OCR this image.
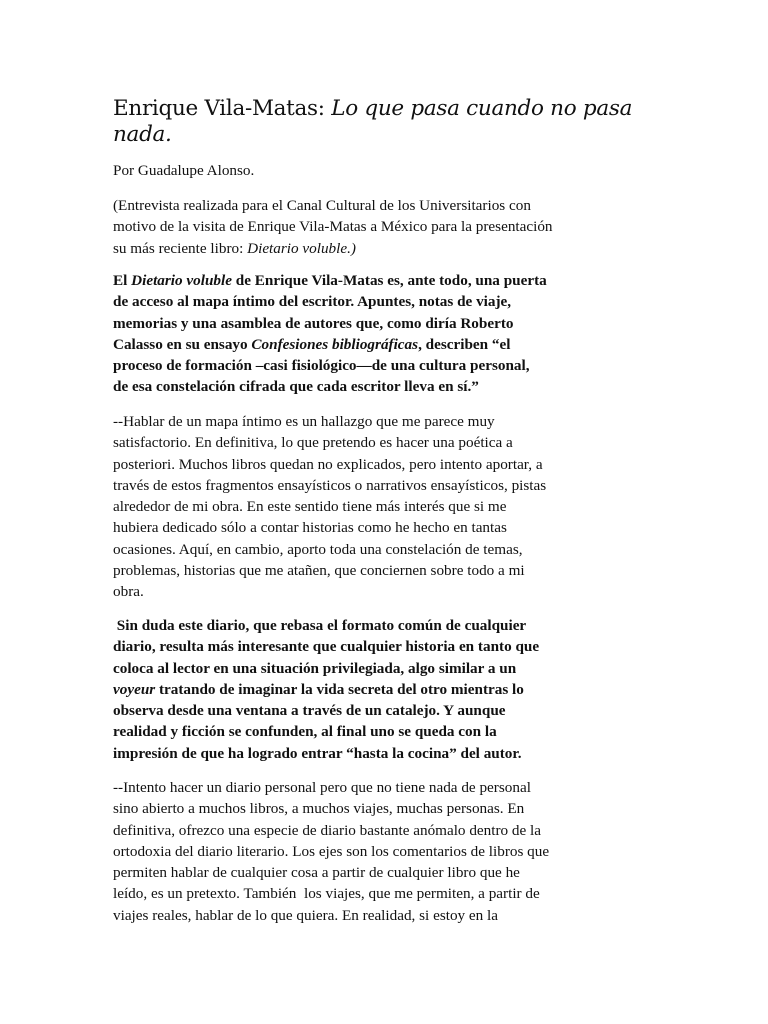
Enrique Vila-Matas: Lo que pasa cuando no pasa nada.

Por Guadalupe Alonso.

(Entrevista realizada para el Canal Cultural de los Universitarios con
motivo de la visita de Enrique Vila-Matas a México para la presentación
su más reciente libro: Dietario voluble.)

El Dietario voluble de Enrique Vila-Matas es, ante todo, una puerta
de acceso al mapa íntimo del escritor. Apuntes, notas de viaje,
memorias y una asamblea de autores que, como diría Roberto
Calasso en su ensayo Confesiones bibliográficas, describen “el
proceso de formación –casi fisiológico—de una cultura personal,
de esa constelación cifrada que cada escritor lleva en sí.”

--Hablar de un mapa íntimo es un hallazgo que me parece muy
satisfactorio. En definitiva, lo que pretendo es hacer una poética a
posteriori. Muchos libros quedan no explicados, pero intento aportar, a
través de estos fragmentos ensayísticos o narrativos ensayísticos, pistas
alrededor de mi obra. En este sentido tiene más interés que si me
hubiera dedicado sólo a contar historias como he hecho en tantas
ocasiones. Aquí, en cambio, aporto toda una constelación de temas,
problemas, historias que me atañen, que conciernen sobre todo a mi
obra.

Sin duda este diario, que rebasa el formato común de cualquier
diario, resulta más interesante que cualquier historia en tanto que
coloca al lector en una situación privilegiada, algo similar a un
voyeur tratando de imaginar la vida secreta del otro mientras lo
observa desde una ventana a través de un catalejo. Y aunque
realidad y ficción se confunden, al final uno se queda con la
impresión de que ha logrado entrar “hasta la cocina” del autor.

--Intento hacer un diario personal pero que no tiene nada de personal
sino abierto a muchos libros, a muchos viajes, muchas personas. En
definitiva, ofrezco una especie de diario bastante anómalo dentro de la
ortodoxia del diario literario. Los ejes son los comentarios de libros que
permiten hablar de cualquier cosa a partir de cualquier libro que he
leído, es un pretexto. También  los viajes, que me permiten, a partir de
viajes reales, hablar de lo que quiera. En realidad, si estoy en la
